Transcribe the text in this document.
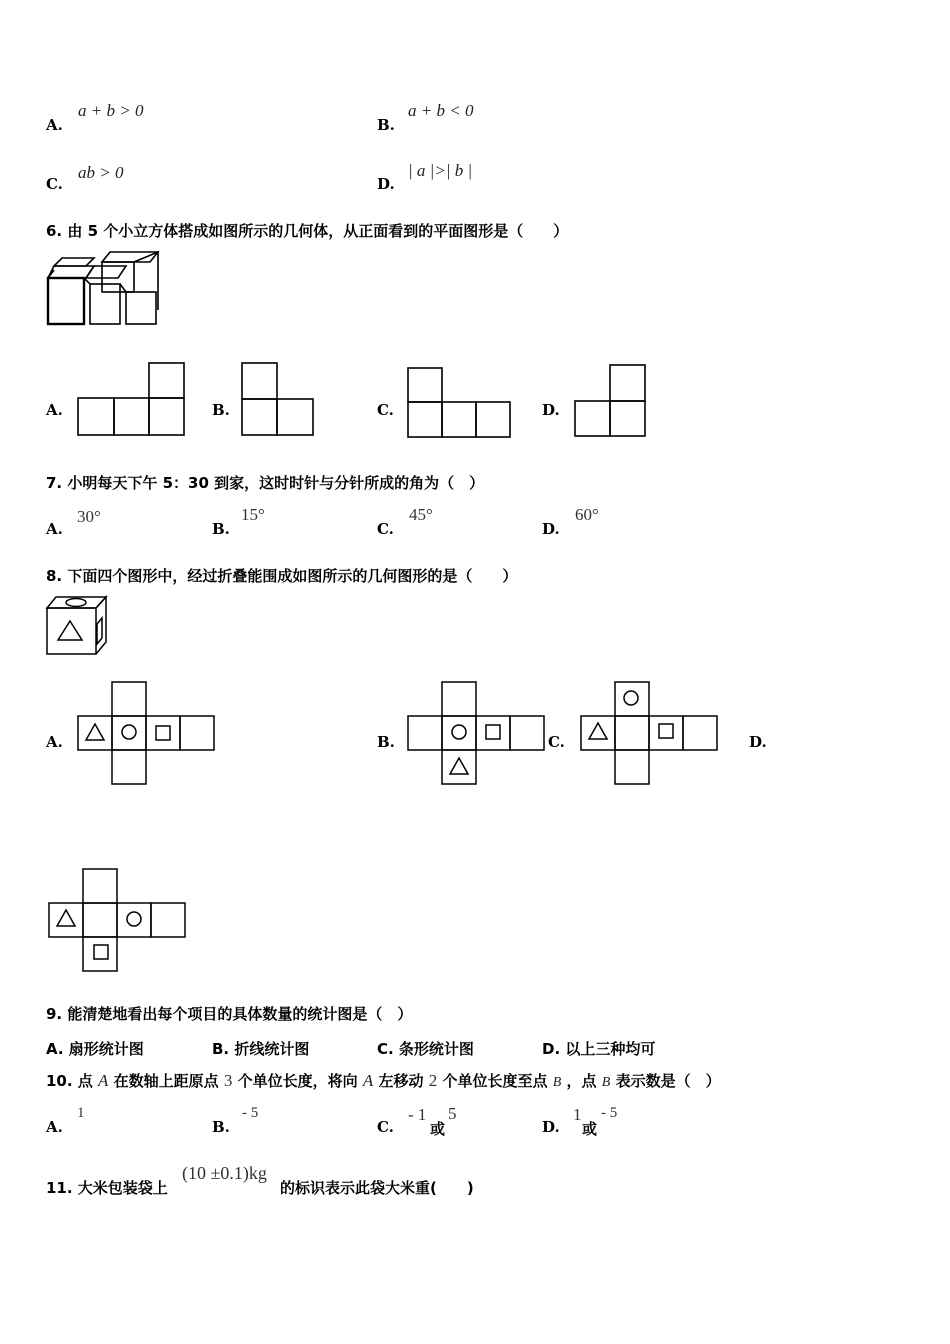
A.
a + b > 0
B.
a + b < 0
C.
ab > 0
D.
| a |>| b |
6. 由 5 个小立方体搭成如图所示的几何体，从正面看到的平面图形是（　　）
A.	B.	C.	D.
7. 小明每天下午 5：30 到家，这时时针与分针所成的角为（　）
A.
30°
B.
15°
C.
45°
D.
60°
8. 下面四个图形中，经过折叠能围成如图所示的几何图形的是（　　）
A.	B.	C.	D.
9. 能清楚地看出每个项目的具体数量的统计图是（　）
A. 扇形统计图	B. 折线统计图	C. 条形统计图	D. 以上三种均可
10. 点 A 在数轴上距原点 3 个单位长度，将向 A 左移动 2 个单位长度至点 B ，点 B 表示数是（　）
A.
1
B.
- 5
C.
- 1
或
5
D.
1
或
- 5
11. 大米包装袋上
(10 ±0.1)kg
的标识表示此袋大米重(　　)
